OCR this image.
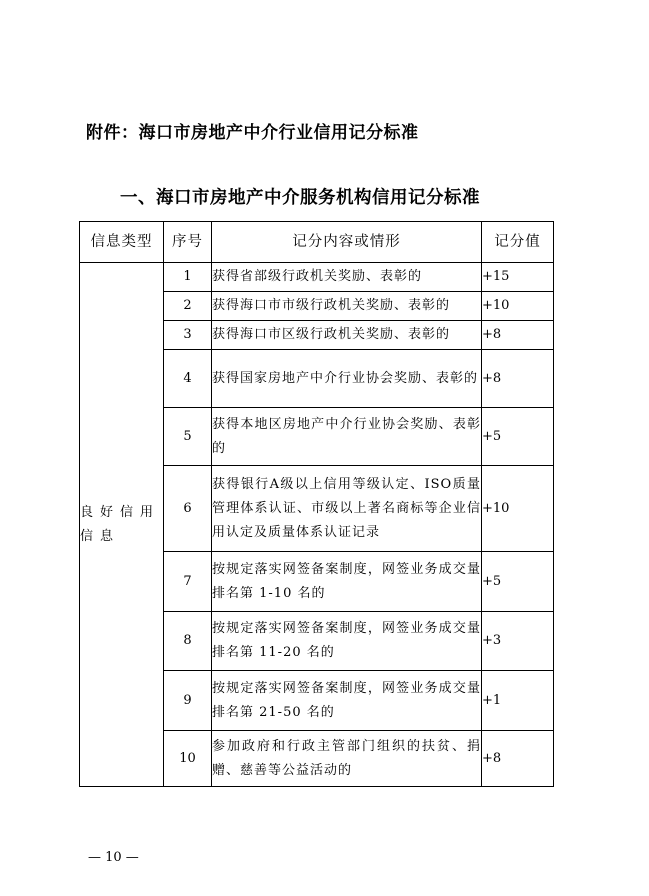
附件：海口市房地产中介行业信用记分标准
一、海口市房地产中介服务机构信用记分标准
信息类型	序号	记分内容或情形	记分值
良好信用信息	1	获得省部级行政机关奖励、表彰的	+15
	2	获得海口市市级行政机关奖励、表彰的	+10
	3	获得海口市区级行政机关奖励、表彰的	+8
	4	获得国家房地产中介行业协会奖励、表彰的	+8
	5	获得本地区房地产中介行业协会奖励、表彰的	+5
	6	获得银行A级以上信用等级认定、ISO质量管理体系认证、市级以上著名商标等企业信用认定及质量体系认证记录	+10
	7	按规定落实网签备案制度，网签业务成交量排名第 1-10 名的	+5
	8	按规定落实网签备案制度，网签业务成交量排名第 11-20 名的	+3
	9	按规定落实网签备案制度，网签业务成交量排名第 21-50 名的	+1
	10	参加政府和行政主管部门组织的扶贫、捐赠、慈善等公益活动的	+8
— 10 —
